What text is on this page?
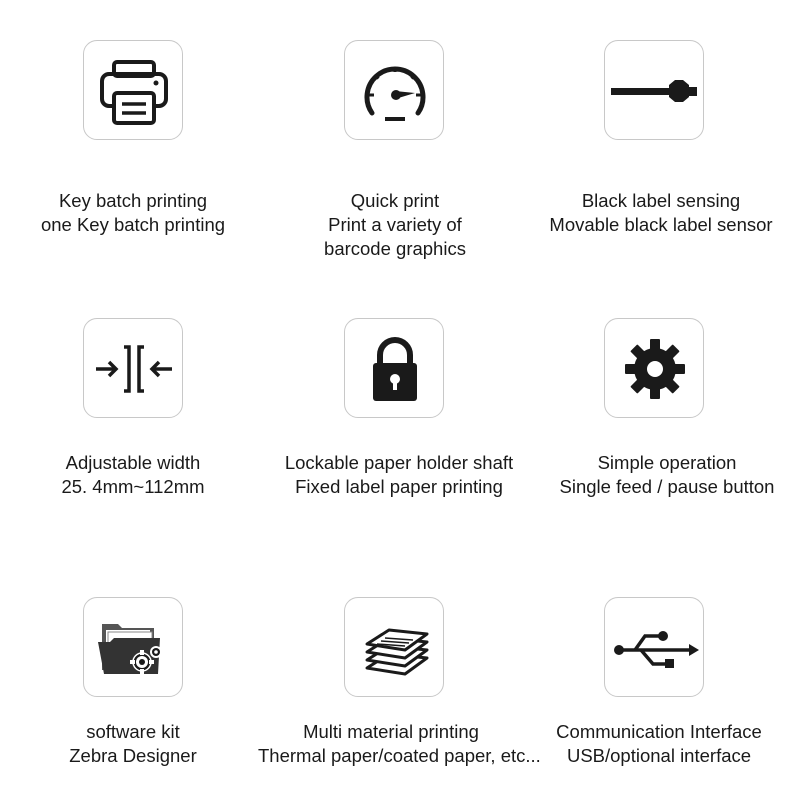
Key batch printing
one Key batch printing
Quick print
Print a variety of
barcode graphics
Black label sensing
Movable black label sensor
Adjustable width
25. 4mm~112mm
Lockable paper holder shaft
Fixed label paper printing
Simple operation
Single feed / pause button
software kit
Zebra Designer
Multi material printing
Thermal paper/coated paper, etc...
Communication Interface
USB/optional interface
